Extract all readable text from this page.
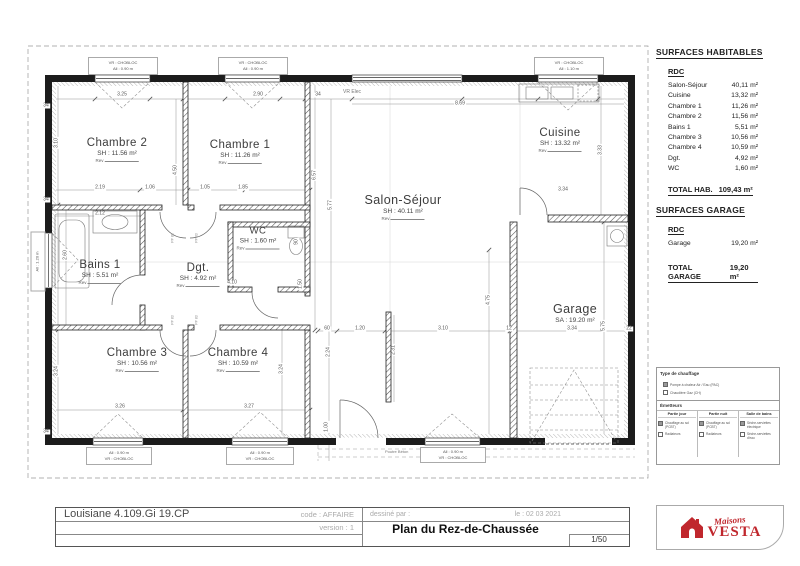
Chambre 2
SH : 11.56 m²
Rev
Chambre 1
SH : 11.26 m²
Rev
Salon-Séjour
SH : 40.11 m²
Rev
Cuisine
SH : 13.32 m²
Rev
WC
SH : 1.60 m²
Rev
Bains 1
SH : 5.51 m²
Rev
Dgt.
SH : 4.92 m²
Rev
Chambre 3
SH : 10.56 m²
Rev
Chambre 4
SH : 10.59 m²
Rev
Garage
SA : 19.20 m²
3.25	2.90
8.69
2.19	1.06	1.05	1.85
2.12
4.10
3.34
3.34
1.20	3.10
60	12	22
3.26	3.27
34
34
34
34
3.10
4.50
6.57
5.77
2.60
90
1.50
3.33
5.75
4.75
2.24	2.31
1.00
3.24	3.24
PP 83	PP 83
PP 83	PP 83
VR : CHOBLOC
All : 0.90 m
VR : CHOBLOC
All : 0.90 m
VR : CHOBLOC
All : 1.10 m
All : 1.20 m
All : 0.90 m
VR : CHOBLOC
All : 0.90 m
VR : CHOBLOC
All : 0.90 m
VR : CHOBLOC
VR Elec
Poutre Béton
SURFACES HABITABLES
RDC
Salon-Séjour	40,11 m²
Cuisine	13,32 m²
Chambre 1	11,26 m²
Chambre 2	11,56 m²
Bains 1	5,51 m²
Chambre 3	10,56 m²
Chambre 4	10,59 m²
Dgt.	4,92 m²
WC	1,60 m²
TOTAL HAB. 109,43 m²
SURFACES GARAGE
RDC
Garage	19,20 m²
TOTAL GARAGE
19,20 m²
Type de chauffage
Pompe à chaleur Air / Eau (PAC)
Chaudière Gaz (CH)
Émetteurs
Partie jour
Chauffage au sol (PCBT)
Radiateurs
Partie nuit
Chauffage au sol (PCBT)
Radiateurs
Salle de bains
Sèche-serviettes électrique
Sèche-serviettes d'eau
Louisiane 4.109.Gi 19.CP	code : AFFAIRE
version : 1
dessiné par :	le : 02 03 2021
Plan du Rez-de-Chaussée
1/50
Maisons
VESTA
